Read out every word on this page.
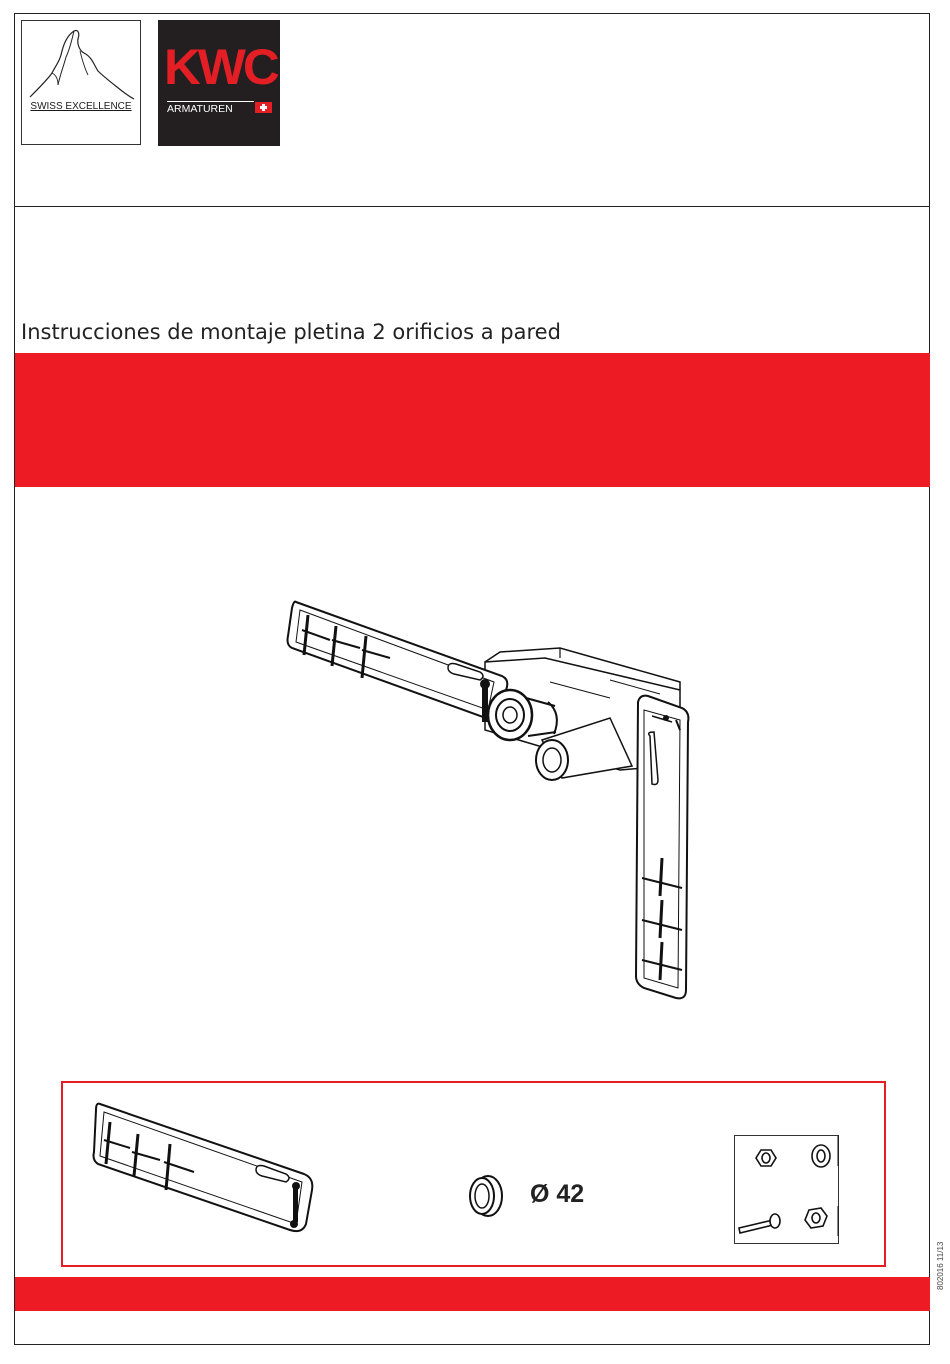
SWISS EXCELLENCE
KWC
ARMATUREN
Instrucciones de montaje pletina 2 orificios a pared
Ø 42
802016 11/13
